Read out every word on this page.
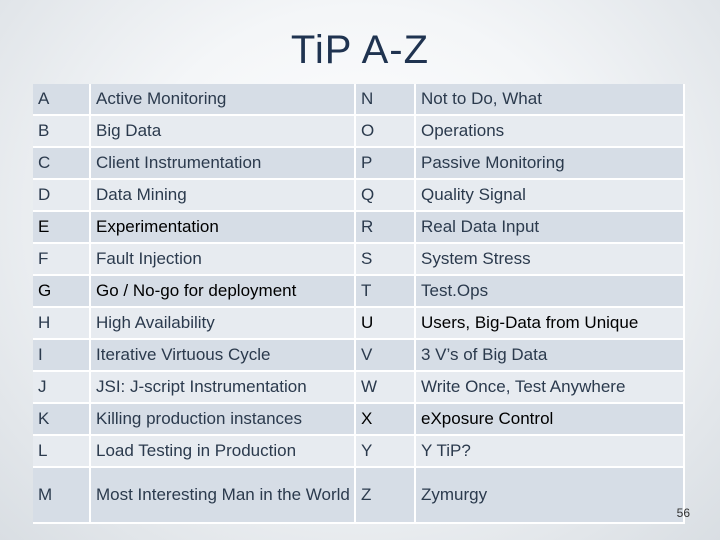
TiP A-Z
A	Active Monitoring	N	Not to Do, What
B	Big Data	O	Operations
C	Client Instrumentation	P	Passive Monitoring
D	Data Mining	Q	Quality Signal
E	Experimentation	R	Real Data Input
F	Fault Injection	S	System Stress
G	Go / No-go for deployment	T	Test.Ops
H	High Availability	U	Users, Big-Data from Unique
I	Iterative Virtuous Cycle	V	3 V’s of Big Data
J	JSI: J-script Instrumentation	W	Write Once, Test Anywhere
K	Killing production instances	X	eXposure Control
L	Load Testing in Production	Y	Y TiP?
M	Most Interesting Man in the World	Z	Zymurgy
56
